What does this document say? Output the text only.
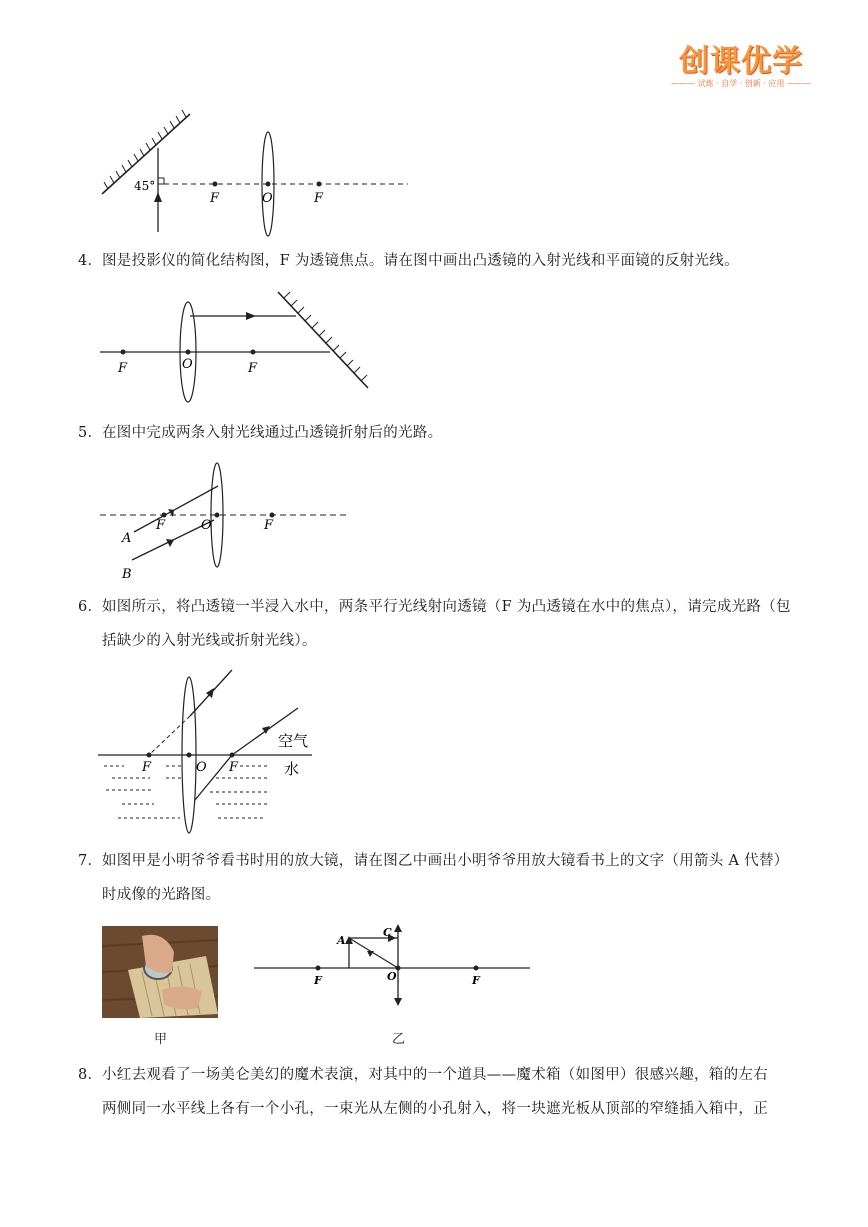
创课优学
——— 试炼 · 自学 · 创新 · 应用 ———
45°
F	O	F
4．图是投影仪的简化结构图，F 为透镜焦点。请在图中画出凸透镜的入射光线和平面镜的反射光线。
F	O	F
5．在图中完成两条入射光线通过凸透镜折射后的光路。
A
F	O	F
B
6．如图所示，将凸透镜一半浸入水中，两条平行光线射向透镜（F 为凸透镜在水中的焦点），请完成光路（包
括缺少的入射光线或折射光线）。
F	O F
空气
水
7．如图甲是小明爷爷看书时用的放大镜，请在图乙中画出小明爷爷用放大镜看书上的文字（用箭头 A 代替）
时成像的光路图。
甲
A
C
F	O	F
乙
8．小红去观看了一场美仑美幻的魔术表演，对其中的一个道具——魔术箱（如图甲）很感兴趣，箱的左右
两侧同一水平线上各有一个小孔，一束光从左侧的小孔射入，将一块遮光板从顶部的窄缝插入箱中，正
